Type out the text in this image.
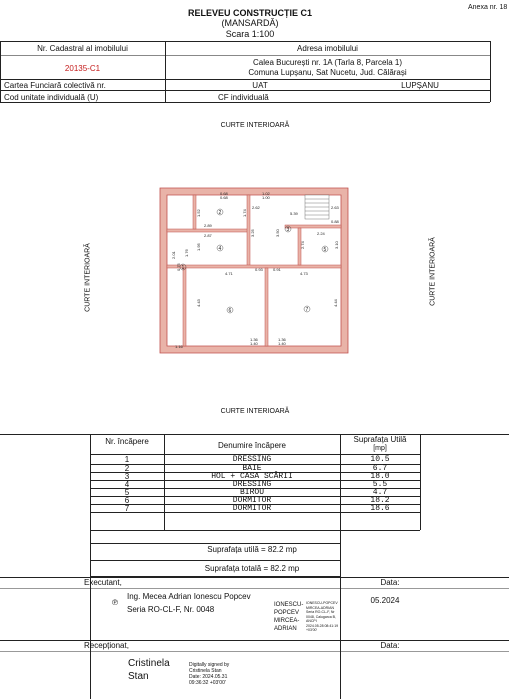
RELEVEU CONSTRUCȚIE C1
(MANSARDĂ)
Scara 1:100
Anexa nr. 18
Nr. Cadastral al imobilului
20135-C1
Adresa imobilului
Calea București nr. 1A (Tarla 8, Parcela 1)
Comuna Lupșanu, Sat Nucetu, Jud. Călărași
Cartea Funciară colectivă nr.	UAT	LUPȘANU
Cod unitate individuală (U)	CF individuală
CURTE INTERIOARĂ
CURTE INTERIOARĂ
CURTE INTERIOARĂ	CURTE INTERIOARĂ
0.68
0.68
1.02
1.00
2.62
5.39
2.63
0.88
2.89
2.87	2.24
4.71
0.93	0.91
4.73
1.16
1.36
1.40
1.36
1.40
4.43	4.44
3.25	3.50
1.52	1.74
1.95	3.10
2.74
0.75
1.76
2.01
1
2
3
4	5
6	7
Nr. încăpere	Denumire încăpere
Suprafața Utilă
[mp]
1	DRESSING	10.5
2	BAIE	6.7
3	HOL + CASA SCĂRII	18.0
4	DRESSING	5.5
5	BIROU	4.7
6	DORMITOR	18.2
7	DORMITOR	18.6
Suprafața utilă = 82.2 mp
Suprafața totală = 82.2 mp
Executant,	Data:
Ing. Mecea Adrian Ionescu Popcev
Seria RO-CL-F, Nr. 0048
℗	IONESCU-
POPCEV
MIRCEA-
ADRIAN
IONESCU-POPCEV
MIRCEA-ADRIAN
Seria RO-CL-F, Nr
0048, Calugarca B,
ANCPI
2024.05.28 08:41:19
+03'00'
05.2024
Recepționat,	Data:
Cristinela
Stan
Digitally signed by
Cristinela Stan
Date: 2024.05.31
09:36:32 +03'00'
